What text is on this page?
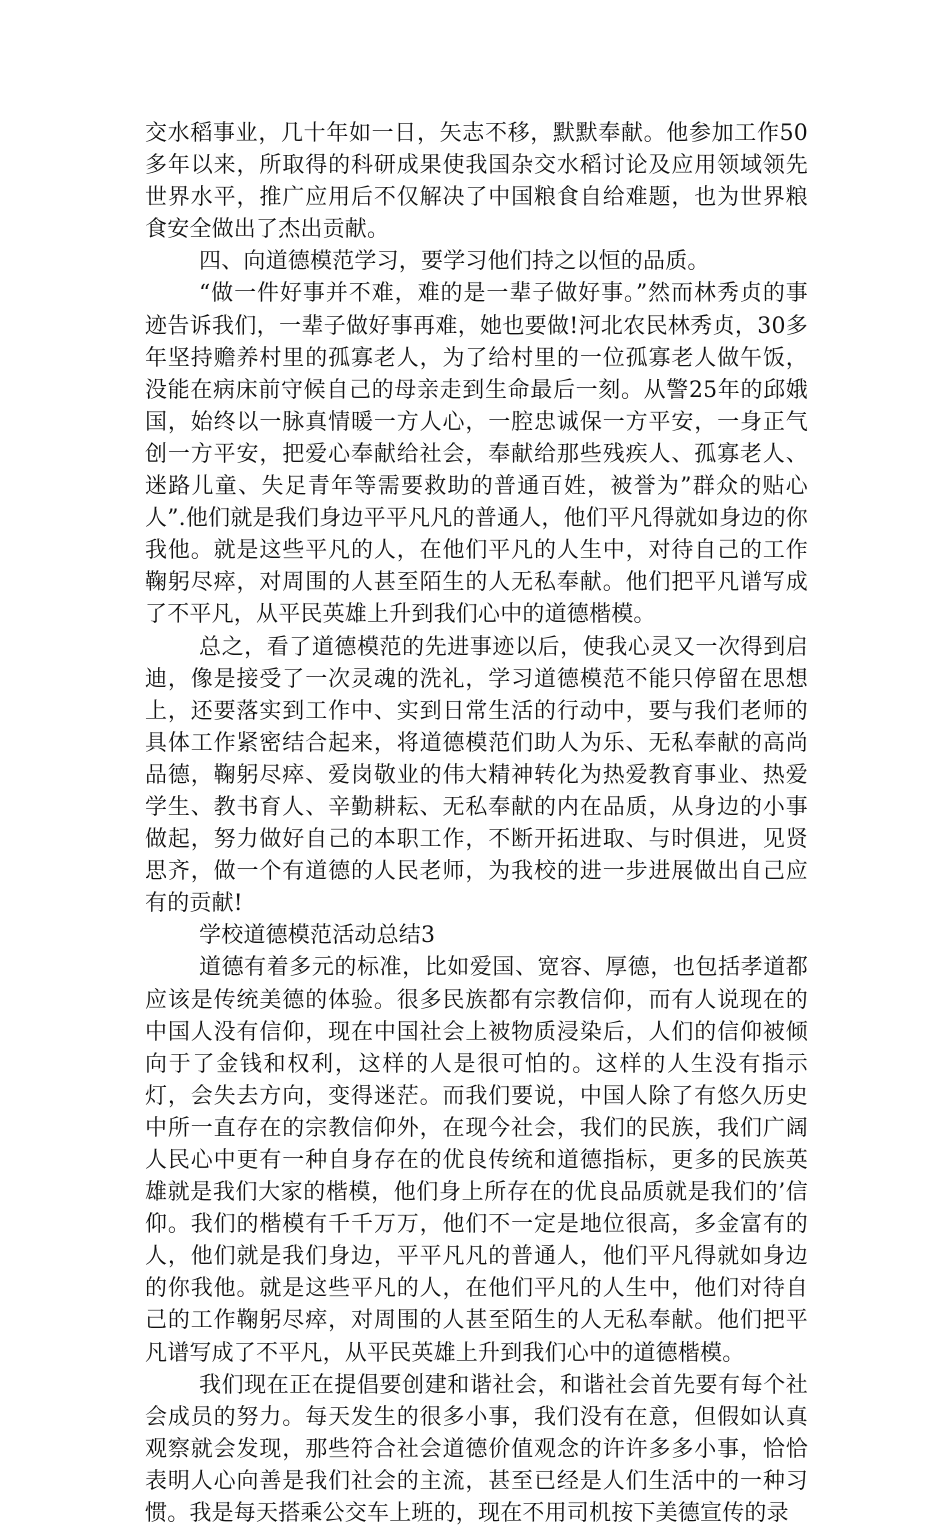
交水稻事业，几十年如一日，矢志不移，默默奉献。他参加工作50多年以来，所取得的科研成果使我国杂交水稻讨论及应用领域领先世界水平，推广应用后不仅解决了中国粮食自给难题，也为世界粮食安全做出了杰出贡献。

四、向道德模范学习，要学习他们持之以恒的品质。

“做一件好事并不难，难的是一辈子做好事。”然而林秀贞的事迹告诉我们，一辈子做好事再难，她也要做!河北农民林秀贞，30多年坚持赡养村里的孤寡老人，为了给村里的一位孤寡老人做午饭，没能在病床前守候自己的母亲走到生命最后一刻。从警25年的邱娥国，始终以一脉真情暖一方人心，一腔忠诚保一方平安，一身正气创一方平安，把爱心奉献给社会，奉献给那些残疾人、孤寡老人、迷路儿童、失足青年等需要救助的普通百姓，被誉为”群众的贴心人”.他们就是我们身边平平凡凡的普通人，他们平凡得就如身边的你我他。就是这些平凡的人，在他们平凡的人生中，对待自己的工作鞠躬尽瘁，对周围的人甚至陌生的人无私奉献。他们把平凡谱写成了不平凡，从平民英雄上升到我们心中的道德楷模。

总之，看了道德模范的先进事迹以后，使我心灵又一次得到启迪，像是接受了一次灵魂的洗礼，学习道德模范不能只停留在思想上，还要落实到工作中、实到日常生活的行动中，要与我们老师的具体工作紧密结合起来，将道德模范们助人为乐、无私奉献的高尚品德，鞠躬尽瘁、爱岗敬业的伟大精神转化为热爱教育事业、热爱学生、教书育人、辛勤耕耘、无私奉献的内在品质，从身边的小事做起，努力做好自己的本职工作，不断开拓进取、与时俱进，见贤思齐，做一个有道德的人民老师，为我校的进一步进展做出自己应有的贡献!

学校道德模范活动总结3

道德有着多元的标准，比如爱国、宽容、厚德，也包括孝道都应该是传统美德的体验。很多民族都有宗教信仰，而有人说现在的中国人没有信仰，现在中国社会上被物质浸染后，人们的信仰被倾向于了金钱和权利，这样的人是很可怕的。这样的人生没有指示灯，会失去方向，变得迷茫。而我们要说，中国人除了有悠久历史中所一直存在的宗教信仰外，在现今社会，我们的民族，我们广阔人民心中更有一种自身存在的优良传统和道德指标，更多的民族英雄就是我们大家的楷模，他们身上所存在的优良品质就是我们的’信仰。我们的楷模有千千万万，他们不一定是地位很高，多金富有的人，他们就是我们身边，平平凡凡的普通人，他们平凡得就如身边的你我他。就是这些平凡的人，在他们平凡的人生中，他们对待自己的工作鞠躬尽瘁，对周围的人甚至陌生的人无私奉献。他们把平凡谱写成了不平凡，从平民英雄上升到我们心中的道德楷模。

我们现在正在提倡要创建和谐社会，和谐社会首先要有每个社会成员的努力。每天发生的很多小事，我们没有在意，但假如认真观察就会发现，那些符合社会道德价值观念的许许多多小事，恰恰表明人心向善是我们社会的主流，甚至已经是人们生活中的一种习惯。我是每天搭乘公交车上班的，现在不用司机按下美德宣传的录
